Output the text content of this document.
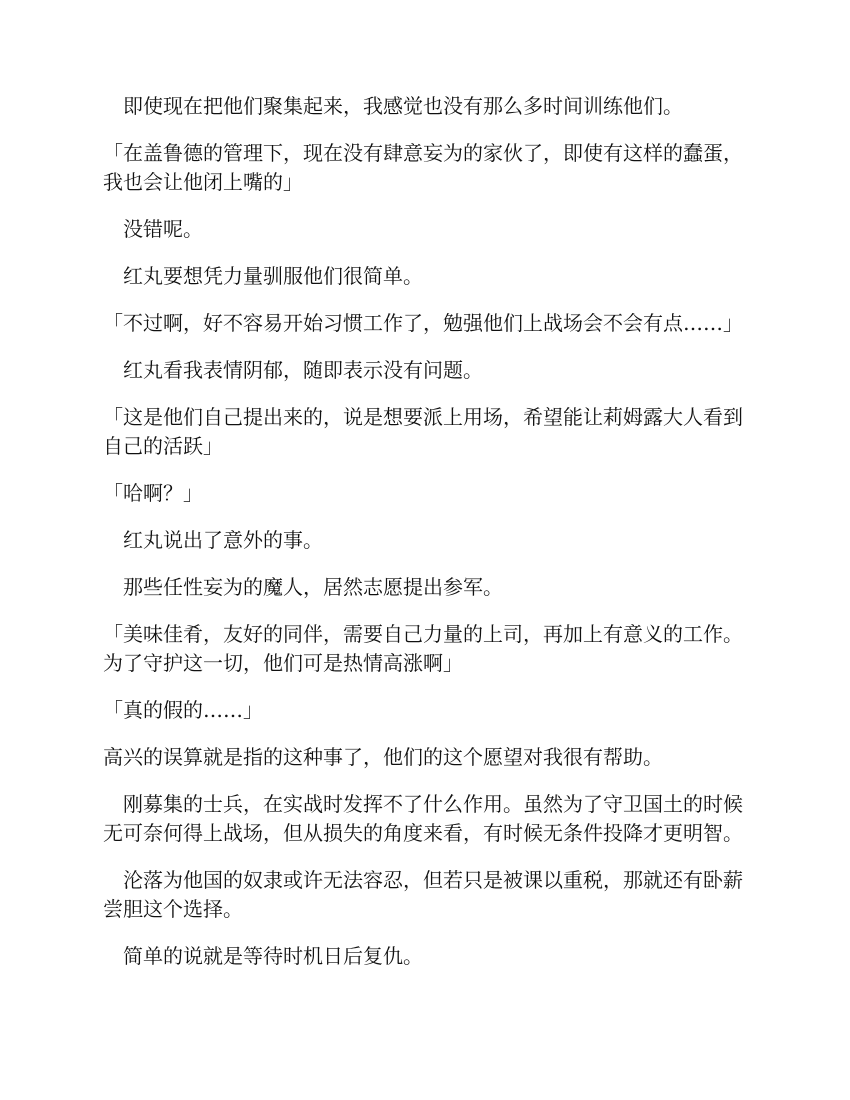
即使现在把他们聚集起来，我感觉也没有那么多时间训练他们。

「在盖鲁德的管理下，现在没有肆意妄为的家伙了，即使有这样的蠢蛋，我也会让他闭上嘴的」

没错呢。

红丸要想凭力量驯服他们很简单。

「不过啊，好不容易开始习惯工作了，勉强他们上战场会不会有点……」

红丸看我表情阴郁，随即表示没有问题。

「这是他们自己提出来的，说是想要派上用场，希望能让莉姆露大人看到自己的活跃」

「哈啊？」

红丸说出了意外的事。

那些任性妄为的魔人，居然志愿提出参军。

「美味佳肴，友好的同伴，需要自己力量的上司，再加上有意义的工作。为了守护这一切，他们可是热情高涨啊」

「真的假的……」

高兴的误算就是指的这种事了，他们的这个愿望对我很有帮助。

刚募集的士兵，在实战时发挥不了什么作用。虽然为了守卫国土的时候无可奈何得上战场，但从损失的角度来看，有时候无条件投降才更明智。

沦落为他国的奴隶或许无法容忍，但若只是被课以重税，那就还有卧薪尝胆这个选择。

简单的说就是等待时机日后复仇。
